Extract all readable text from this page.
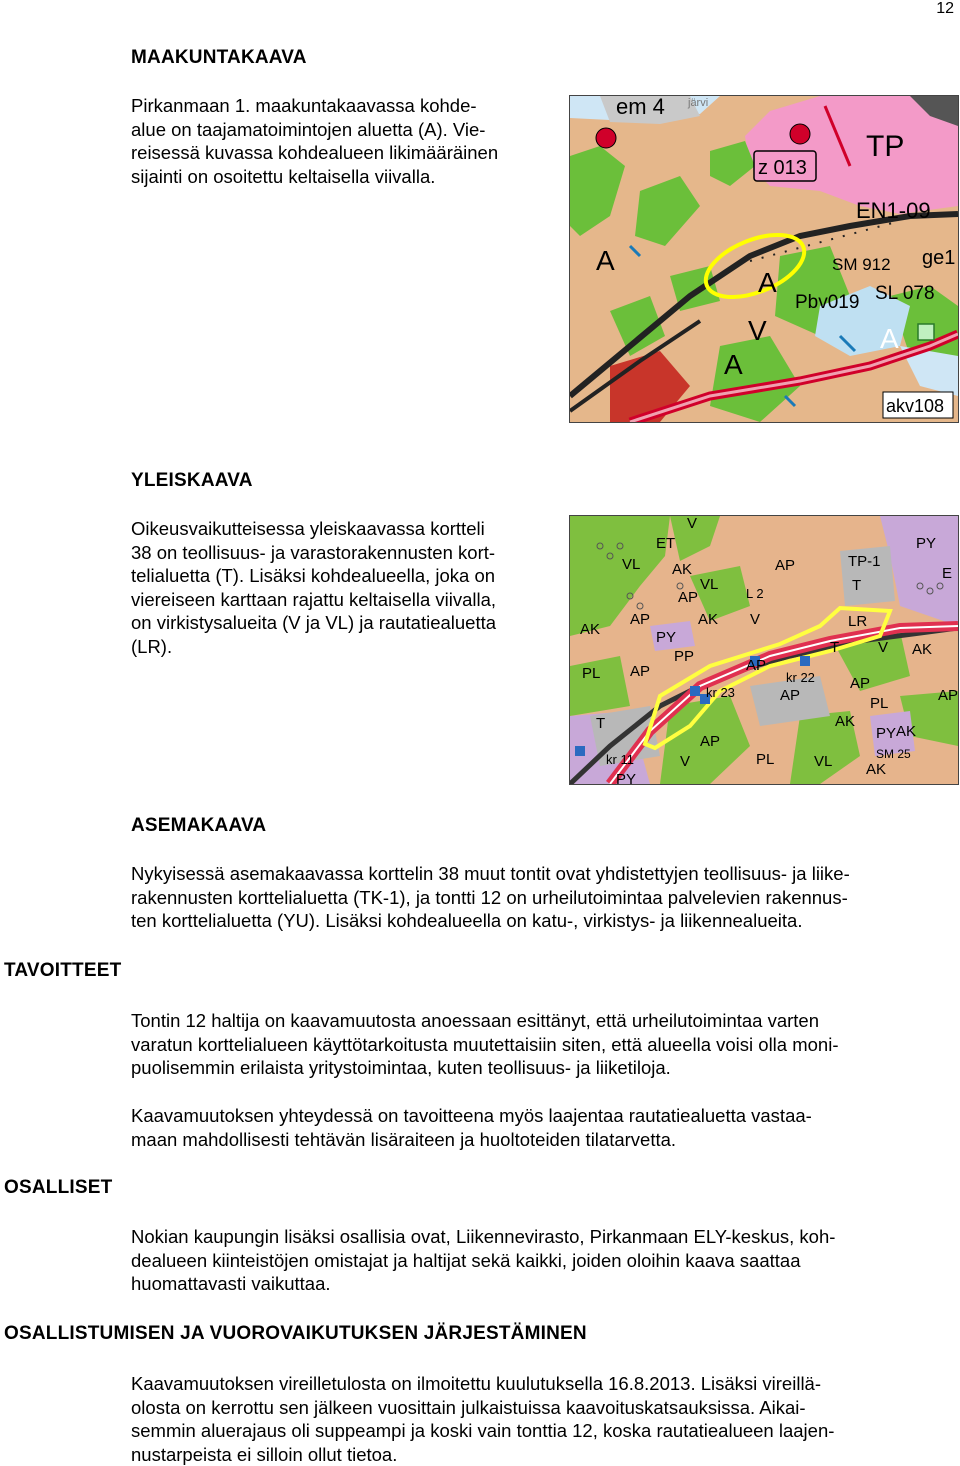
12
MAAKUNTAKAAVA
Pirkanmaan 1. maakuntakaavassa kohde-
alue on taajamatoimintojen aluetta (A). Vie-
reisessä kuvassa kohdealueen likimääräinen
sijainti on osoitettu keltaisella viivalla.
em 4 järvi
z 013
TP
EN1-09
A	SM 912 ge1
A
Pbv019 SL 078
V	A
A
akv108
YLEISKAAVA
Oikeusvaikutteisessa yleiskaavassa kortteli
38 on teollisuus- ja varastorakennusten kort-
telialuetta (T). Lisäksi kohdealueella, joka on
viereiseen karttaan rajattu keltaisella viivalla,
on virkistysalueita (V ja VL) ja rautatiealuetta
(LR).
V
ET
VL AK
VL
AP
AP
L 2
TP-1
PY
T
E
AK
AP	AK
PY
V	LR
PL AP
PP
AP
kr 22
T	V AK
kr 23	AP
AP
PL	AP
T	AK
PY AK
AP
kr 11
PY
V	PL	VL	SM 25
AK
ASEMAKAAVA
Nykyisessä asemakaavassa korttelin 38 muut tontit ovat yhdistettyjen teollisuus- ja liike-
rakennusten korttelialuetta (TK-1), ja tontti 12 on urheilutoimintaa palvelevien rakennus-
ten korttelialuetta (YU). Lisäksi kohdealueella on katu-, virkistys- ja liikennealueita.
TAVOITTEET
Tontin 12 haltija on kaavamuutosta anoessaan esittänyt, että urheilutoimintaa varten
varatun korttelialueen käyttötarkoitusta muutettaisiin siten, että alueella voisi olla moni-
puolisemmin erilaista yritystoimintaa, kuten teollisuus- ja liiketiloja.
Kaavamuutoksen yhteydessä on tavoitteena myös laajentaa rautatiealuetta vastaa-
maan mahdollisesti tehtävän lisäraiteen ja huoltoteiden tilatarvetta.
OSALLISET
Nokian kaupungin lisäksi osallisia ovat, Liikennevirasto, Pirkanmaan ELY-keskus, koh-
dealueen kiinteistöjen omistajat ja haltijat sekä kaikki, joiden oloihin kaava saattaa
huomattavasti vaikuttaa.
OSALLISTUMISEN JA VUOROVAIKUTUKSEN JÄRJESTÄMINEN
Kaavamuutoksen vireilletulosta on ilmoitettu kuulutuksella 16.8.2013. Lisäksi vireillä-
olosta on kerrottu sen jälkeen vuosittain julkaistuissa kaavoituskatsauksissa. Aikai-
semmin aluerajaus oli suppeampi ja koski vain tonttia 12, koska rautatiealueen laajen-
nustarpeista ei silloin ollut tietoa.
